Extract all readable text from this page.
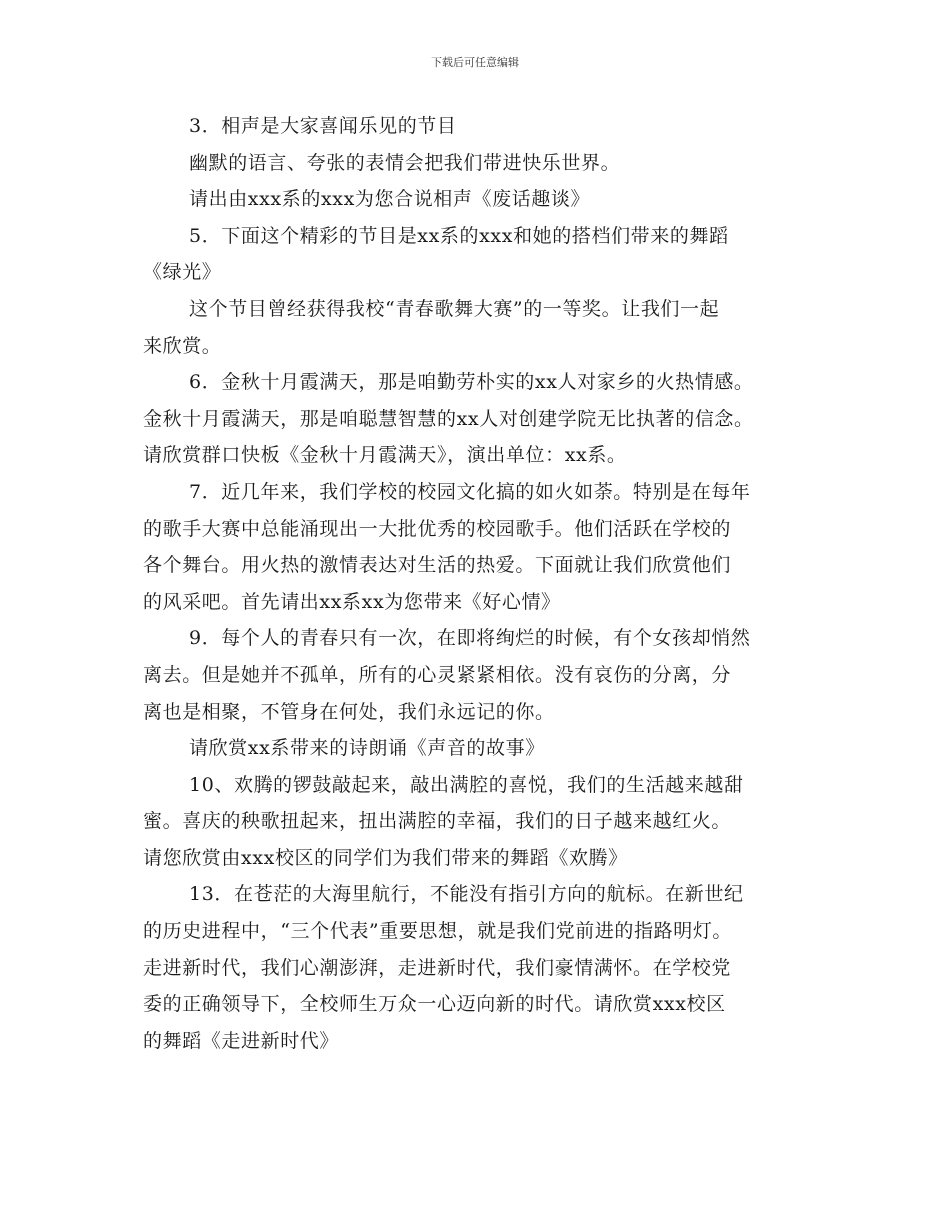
下载后可任意编辑
3．相声是大家喜闻乐见的节目
幽默的语言、夸张的表情会把我们带进快乐世界。
请出由xxx系的xxx为您合说相声《废话趣谈》
5．下面这个精彩的节目是xx系的xxx和她的搭档们带来的舞蹈
《绿光》
这个节目曾经获得我校“青春歌舞大赛”的一等奖。让我们一起
来欣赏。
6．金秋十月霞满天，那是咱勤劳朴实的xx人对家乡的火热情感。
金秋十月霞满天，那是咱聪慧智慧的xx人对创建学院无比执著的信念。
请欣赏群口快板《金秋十月霞满天》，演出单位：xx系。
7．近几年来，我们学校的校园文化搞的如火如荼。特别是在每年
的歌手大赛中总能涌现出一大批优秀的校园歌手。他们活跃在学校的
各个舞台。用火热的激情表达对生活的热爱。下面就让我们欣赏他们
的风采吧。首先请出xx系xx为您带来《好心情》
9．每个人的青春只有一次，在即将绚烂的时候，有个女孩却悄然
离去。但是她并不孤单，所有的心灵紧紧相依。没有哀伤的分离，分
离也是相聚，不管身在何处，我们永远记的你。
请欣赏xx系带来的诗朗诵《声音的故事》
10、欢腾的锣鼓敲起来，敲出满腔的喜悦，我们的生活越来越甜
蜜。喜庆的秧歌扭起来，扭出满腔的幸福，我们的日子越来越红火。
请您欣赏由xxx校区的同学们为我们带来的舞蹈《欢腾》
13．在苍茫的大海里航行，不能没有指引方向的航标。在新世纪
的历史进程中，“三个代表”重要思想，就是我们党前进的指路明灯。
走进新时代，我们心潮澎湃，走进新时代，我们豪情满怀。在学校党
委的正确领导下，全校师生万众一心迈向新的时代。请欣赏xxx校区
的舞蹈《走进新时代》
